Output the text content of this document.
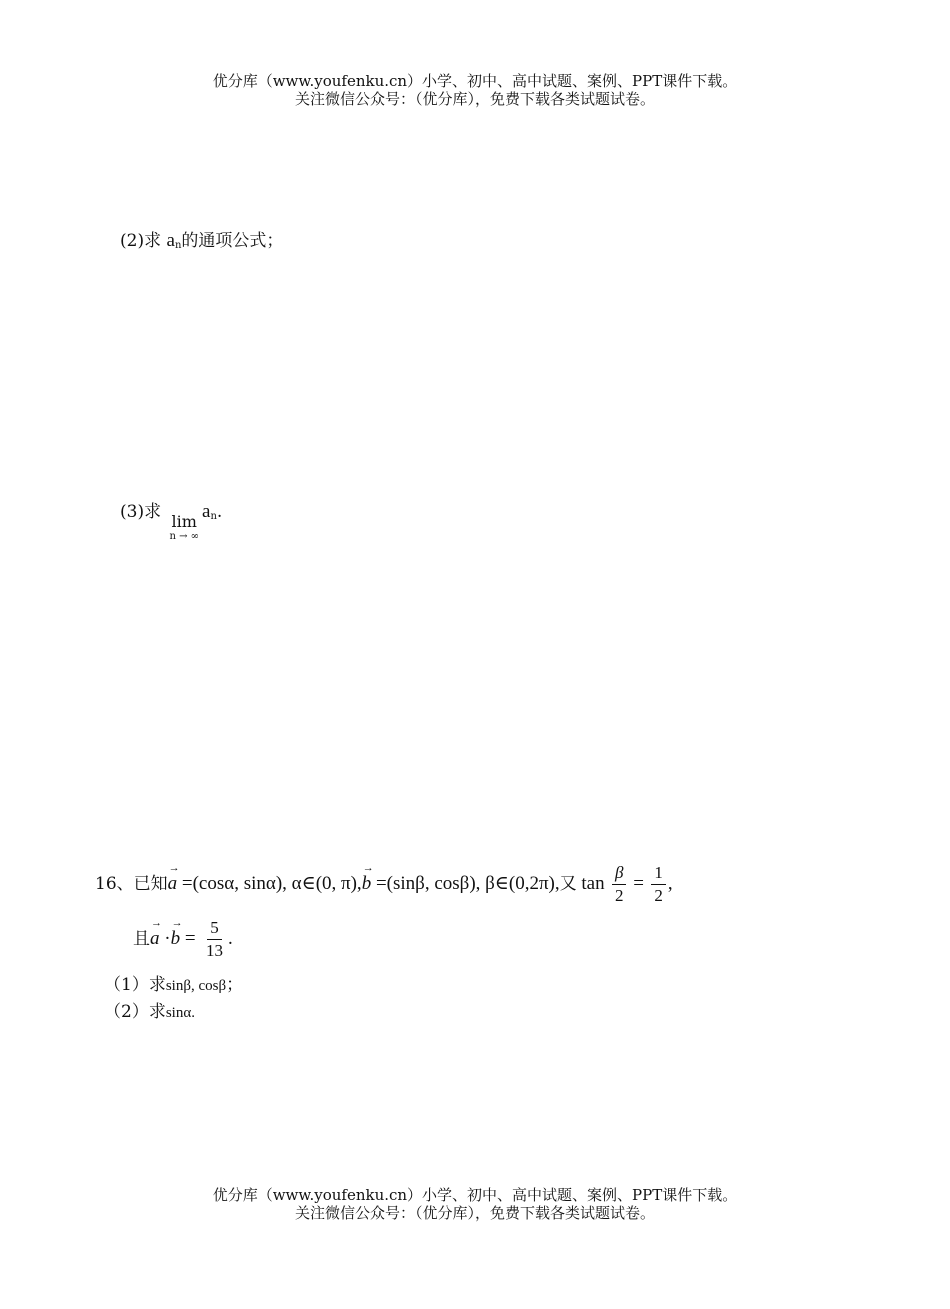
优分库（www.youfenku.cn）小学、初中、高中试题、案例、PPT课件下载。
关注微信公众号：（优分库），免费下载各类试题试卷。
(2)求 $a_n$的通项公式；
(3)求 lim
n → ∞
$a_n$.
16、已知→ a =(cosα, sinα), α∈(0, π),→ b =(sinβ, cosβ), β∈(0,2π),又 $\tan \frac{\beta}{2} = \frac{1}{2}$ ,
且→ $a \cdot\to b = \frac{5}{13}$ .
（1）求sinβ, cosβ；
（2）求sinα.
优分库（www.youfenku.cn）小学、初中、高中试题、案例、PPT课件下载。
关注微信公众号：（优分库），免费下载各类试题试卷。
